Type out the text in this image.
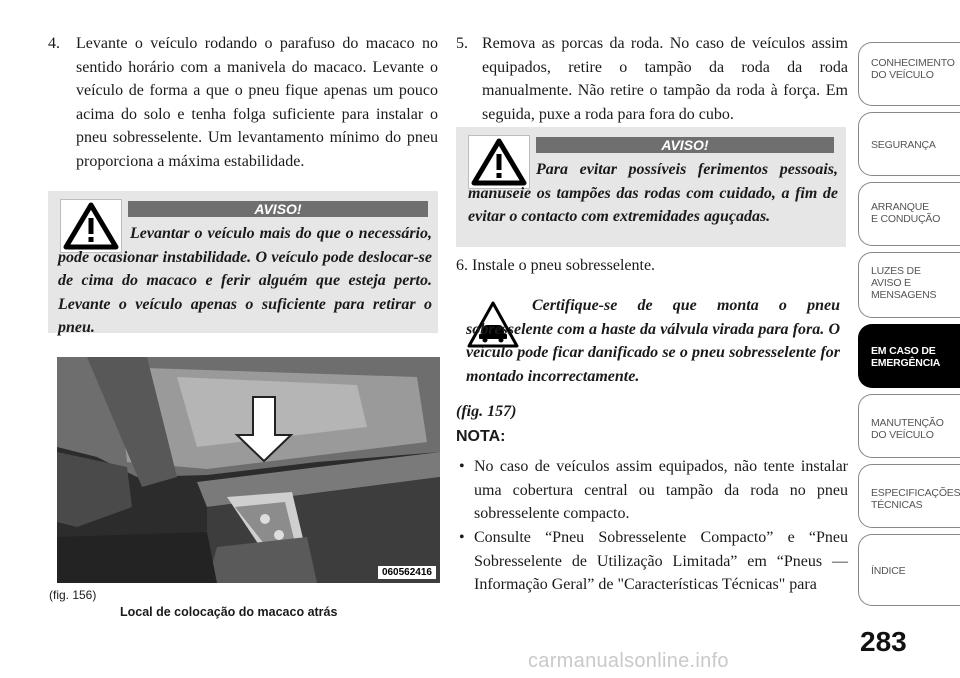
4.	Levante o veículo rodando o parafuso do macaco no sentido horário com a manivela do macaco. Levante o veículo de forma a que o pneu fique apenas um pouco acima do solo e tenha folga suficiente para instalar o pneu sobresselente. Um levantamento mínimo do pneu proporciona a máxima estabilidade.
AVISO!
Levantar o veículo mais do que o necessário, pode ocasionar instabilidade. O veículo pode deslocar-se de cima do macaco e ferir alguém que esteja perto. Levante o veículo apenas o suficiente para retirar o pneu.
060562416
(fig. 156)
Local de colocação do macaco atrás
5. Remova as porcas da roda. No caso de veículos assim equipados, retire o tampão da roda da roda manualmente. Não retire o tampão da roda à força. Em seguida, puxe a roda para fora do cubo.
AVISO!
Para evitar possíveis ferimentos pessoais, manuseie os tampões das rodas com cuidado, a fim de evitar o contacto com extremidades aguçadas.
6. Instale o pneu sobresselente.
Certifique-se de que monta o pneu sobresselente com a haste da válvula virada para fora. O veículo pode ficar danificado se o pneu sobresselente for montado incorrectamente.
(fig. 157)
NOTA:
• No caso de veículos assim equipados, não tente instalar uma cobertura central ou tampão da roda no pneu sobresselente compacto.
• Consulte “Pneu Sobresselente Compacto” e “Pneu Sobresselente de Utilização Limitada” em “Pneus — Informação Geral” de "Características Técnicas" para
CONHECIMENTO
DO VEÍCULO
SEGURANÇA
ARRANQUE
E CONDUÇÃO
LUZES DE
AVISO E
MENSAGENS
EM CASO DE
EMERGÊNCIA
MANUTENÇÃO
DO VEÍCULO
ESPECIFICAÇÕES
TÉCNICAS
ÍNDICE
283
carmanualsonline.info
